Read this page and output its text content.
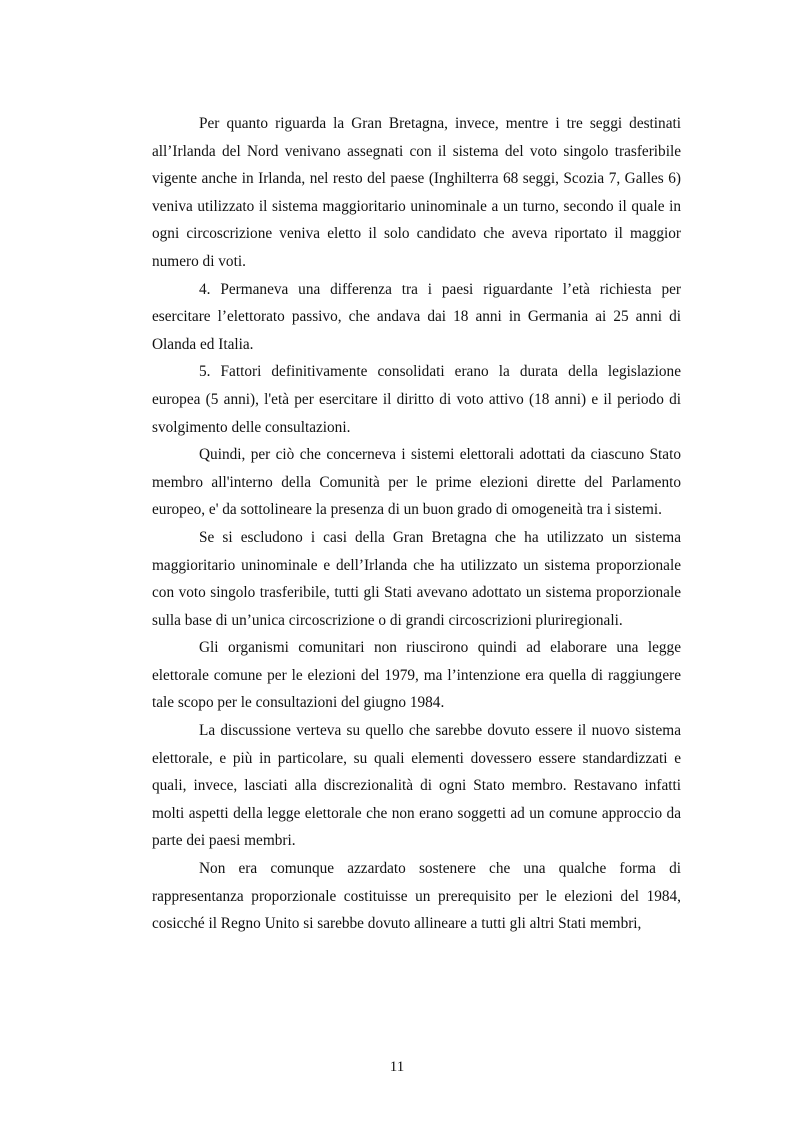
Per quanto riguarda la Gran Bretagna, invece, mentre i tre seggi destinati all’Irlanda del Nord venivano assegnati con il sistema del voto singolo trasferibile vigente anche in Irlanda, nel resto del paese (Inghilterra 68 seggi, Scozia 7, Galles 6) veniva utilizzato il sistema maggioritario uninominale a un turno, secondo il quale in ogni circoscrizione veniva eletto il solo candidato che aveva riportato il maggior numero di voti.

4. Permaneva una differenza tra i paesi riguardante l’età richiesta per esercitare l’elettorato passivo, che andava dai 18 anni in Germania ai 25 anni di Olanda ed Italia.

5. Fattori definitivamente consolidati erano la durata della legislazione europea (5 anni), l'età per esercitare il diritto di voto attivo (18 anni) e il periodo di svolgimento delle consultazioni.

Quindi, per ciò che concerneva i sistemi elettorali adottati da ciascuno Stato membro all'interno della Comunità per le prime elezioni dirette del Parlamento europeo, e' da sottolineare la presenza di un buon grado di omogeneità tra i sistemi.

Se si escludono i casi della Gran Bretagna che ha utilizzato un sistema maggioritario uninominale e dell’Irlanda che ha utilizzato un sistema proporzionale con voto singolo trasferibile, tutti gli Stati avevano adottato un sistema proporzionale sulla base di un’unica circoscrizione o di grandi circoscrizioni pluriregionali.

Gli organismi comunitari non riuscirono quindi ad elaborare una legge elettorale comune per le elezioni del 1979, ma l’intenzione era quella di raggiungere tale scopo per le consultazioni del giugno 1984.

La discussione verteva su quello che sarebbe dovuto essere il nuovo sistema elettorale, e più in particolare, su quali elementi dovessero essere standardizzati e quali, invece, lasciati alla discrezionalità di ogni Stato membro. Restavano infatti molti aspetti della legge elettorale che non erano soggetti ad un comune approccio da parte dei paesi membri.

Non era comunque azzardato sostenere che una qualche forma di rappresentanza proporzionale costituisse un prerequisito per le elezioni del 1984, cosicché il Regno Unito si sarebbe dovuto allineare a tutti gli altri Stati membri,

11
